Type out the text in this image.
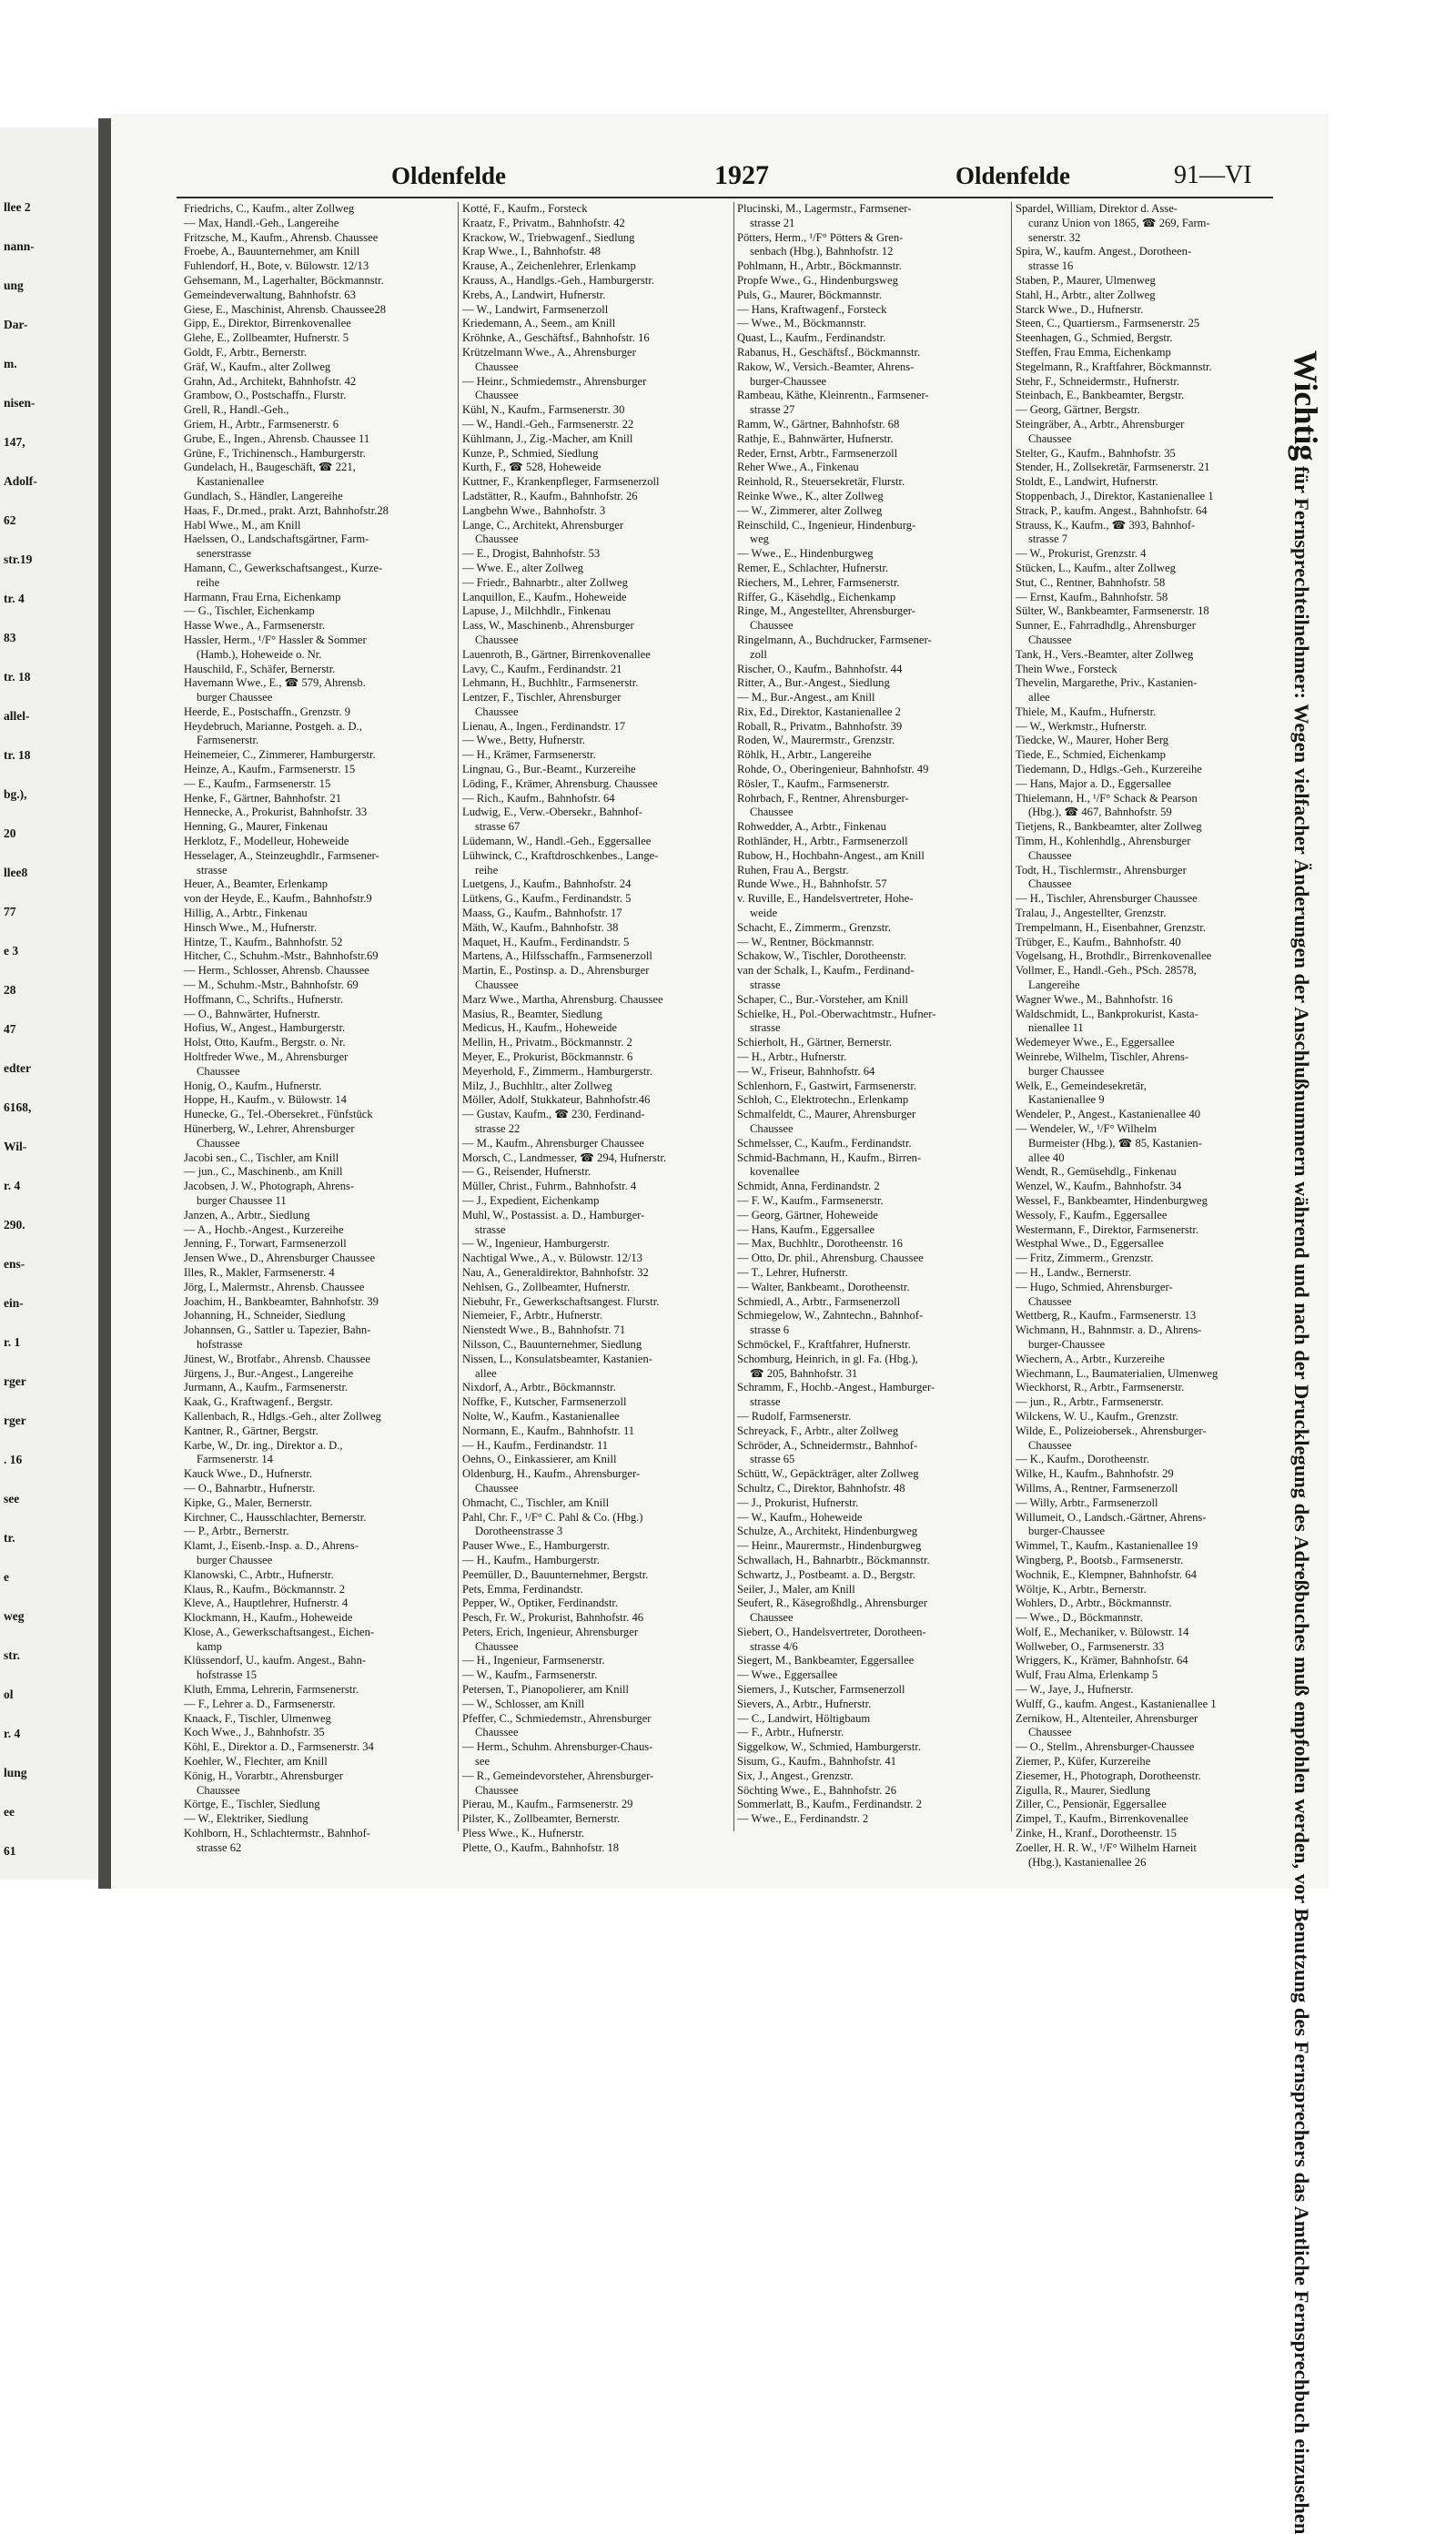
llee 2
nann-
ung
Dar-
m.
nisen-
147,
Adolf-
62
str.19
tr. 4
83
tr. 18
allel-
tr. 18
bg.),
20
llee8
77
e 3
28
47
edter
6168,
Wil-
r. 4
290.
ens-
ein-
r. 1
rger
rger
. 16
see
tr.
e
weg
str.
ol
r. 4
lung
ee
61
Oldenfelde	1927	Oldenfelde	91—VI

Friedrichs, C., Kaufm., alter Zollweg

— Max, Handl.-Geh., Langereihe

Fritzsche, M., Kaufm., Ahrensb. Chaussee

Froebe, A., Bauunternehmer, am Knill

Fuhlendorf, H., Bote, v. Bülowstr. 12/13

Gehsemann, M., Lagerhalter, Böckmannstr.

Gemeindeverwaltung, Bahnhofstr. 63

Giese, E., Maschinist, Ahrensb. Chaussee28

Gipp, E., Direktor, Birrenkovenallee

Glehe, E., Zollbeamter, Hufnerstr. 5

Goldt, F., Arbtr., Bernerstr.

Gräf, W., Kaufm., alter Zollweg

Grahn, Ad., Architekt, Bahnhofstr. 42

Grambow, O., Postschaffn., Flurstr.

Grell, R., Handl.-Geh.,

Griem, H., Arbtr., Farmsenerstr. 6

Grube, E., Ingen., Ahrensb. Chaussee 11

Grüne, F., Trichinensch., Hamburgerstr.

Gundelach, H., Baugeschäft, ☎ 221,

Kastanienallee

Gundlach, S., Händler, Langereihe

Haas, F., Dr.med., prakt. Arzt, Bahnhofstr.28

Habl Wwe., M., am Knill

Haelssen, O., Landschaftsgärtner, Farm-

senerstrasse

Hamann, C., Gewerkschaftsangest., Kurze-

reihe

Harmann, Frau Erna, Eichenkamp

— G., Tischler, Eichenkamp

Hasse Wwe., A., Farmsenerstr.

Hassler, Herm., ¹/F° Hassler & Sommer

(Hamb.), Hoheweide o. Nr.

Hauschild, F., Schäfer, Bernerstr.

Havemann Wwe., E., ☎ 579, Ahrensb.

burger Chaussee

Heerde, E., Postschaffn., Grenzstr. 9

Heydebruch, Marianne, Postgeh. a. D.,

Farmsenerstr.

Heinemeier, C., Zimmerer, Hamburgerstr.

Heinze, A., Kaufm., Farmsenerstr. 15

— E., Kaufm., Farmsenerstr. 15

Henke, F., Gärtner, Bahnhofstr. 21

Hennecke, A., Prokurist, Bahnhofstr. 33

Henning, G., Maurer, Finkenau

Herklotz, F., Modelleur, Hoheweide

Hesselager, A., Steinzeughdlr., Farmsener-

strasse

Heuer, A., Beamter, Erlenkamp

von der Heyde, E., Kaufm., Bahnhofstr.9

Hillig, A., Arbtr., Finkenau

Hinsch Wwe., M., Hufnerstr.

Hintze, T., Kaufm., Bahnhofstr. 52

Hitcher, C., Schuhm.-Mstr., Bahnhofstr.69

— Herm., Schlosser, Ahrensb. Chaussee

— M., Schuhm.-Mstr., Bahnhofstr. 69

Hoffmann, C., Schrifts., Hufnerstr.

— O., Bahnwärter, Hufnerstr.

Hofius, W., Angest., Hamburgerstr.

Holst, Otto, Kaufm., Bergstr. o. Nr.

Holtfreder Wwe., M., Ahrensburger

Chaussee

Honig, O., Kaufm., Hufnerstr.

Hoppe, H., Kaufm., v. Bülowstr. 14

Hunecke, G., Tel.-Obersekret., Fünfstück

Hünerberg, W., Lehrer, Ahrensburger

Chaussee

Jacobi sen., C., Tischler, am Knill

— jun., C., Maschinenb., am Knill

Jacobsen, J. W., Photograph, Ahrens-

burger Chaussee 11

Janzen, A., Arbtr., Siedlung

— A., Hochb.-Angest., Kurzereihe

Jenning, F., Torwart, Farmsenerzoll

Jensen Wwe., D., Ahrensburger Chaussee

Illes, R., Makler, Farmsenerstr. 4

Jörg, I., Malermstr., Ahrensb. Chaussee

Joachim, H., Bankbeamter, Bahnhofstr. 39

Johanning, H., Schneider, Siedlung

Johannsen, G., Sattler u. Tapezier, Bahn-

hofstrasse

Jünest, W., Brotfabr., Ahrensb. Chaussee

Jürgens, J., Bur.-Angest., Langereihe

Jurmann, A., Kaufm., Farmsenerstr.

Kaak, G., Kraftwagenf., Bergstr.

Kallenbach, R., Hdlgs.-Geh., alter Zollweg

Kantner, R., Gärtner, Bergstr.

Karbe, W., Dr. ing., Direktor a. D.,

Farmsenerstr. 14

Kauck Wwe., D., Hufnerstr.

— O., Bahnarbtr., Hufnerstr.

Kipke, G., Maler, Bernerstr.

Kirchner, C., Hausschlachter, Bernerstr.

— P., Arbtr., Bernerstr.

Klamt, J., Eisenb.-Insp. a. D., Ahrens-

burger Chaussee

Klanowski, C., Arbtr., Hufnerstr.

Klaus, R., Kaufm., Böckmannstr. 2

Kleve, A., Hauptlehrer, Hufnerstr. 4

Klockmann, H., Kaufm., Hoheweide

Klose, A., Gewerkschaftsangest., Eichen-

kamp

Klüssendorf, U., kaufm. Angest., Bahn-

hofstrasse 15

Kluth, Emma, Lehrerin, Farmsenerstr.

— F., Lehrer a. D., Farmsenerstr.

Knaack, F., Tischler, Ulmenweg

Koch Wwe., J., Bahnhofstr. 35

Köhl, E., Direktor a. D., Farmsenerstr. 34

Koehler, W., Flechter, am Knill

König, H., Vorarbtr., Ahrensburger

Chaussee

Körtge, E., Tischler, Siedlung

— W., Elektriker, Siedlung

Kohlborn, H., Schlachtermstr., Bahnhof-

strasse 62

Kotté, F., Kaufm., Forsteck

Kraatz, F., Privatm., Bahnhofstr. 42

Krackow, W., Triebwagenf., Siedlung

Krap Wwe., I., Bahnhofstr. 48

Krause, A., Zeichenlehrer, Erlenkamp

Krauss, A., Handlgs.-Geh., Hamburgerstr.

Krebs, A., Landwirt, Hufnerstr.

— W., Landwirt, Farmsenerzoll

Kriedemann, A., Seem., am Knill

Kröhnke, A., Geschäftsf., Bahnhofstr. 16

Krützelmann Wwe., A., Ahrensburger

Chaussee

— Heinr., Schmiedemstr., Ahrensburger

Chaussee

Kühl, N., Kaufm., Farmsenerstr. 30

— W., Handl.-Geh., Farmsenerstr. 22

Kühlmann, J., Zig.-Macher, am Knill

Kunze, P., Schmied, Siedlung

Kurth, F., ☎ 528, Hoheweide

Kuttner, F., Krankenpfleger, Farmsenerzoll

Ladstätter, R., Kaufm., Bahnhofstr. 26

Langbehn Wwe., Bahnhofstr. 3

Lange, C., Architekt, Ahrensburger

Chaussee

— E., Drogist, Bahnhofstr. 53

— Wwe. E., alter Zollweg

— Friedr., Bahnarbtr., alter Zollweg

Lanquillon, E., Kaufm., Hoheweide

Lapuse, J., Milchhdlr., Finkenau

Lass, W., Maschinenb., Ahrensburger

Chaussee

Lauenroth, B., Gärtner, Birrenkovenallee

Lavy, C., Kaufm., Ferdinandstr. 21

Lehmann, H., Buchhltr., Farmsenerstr.

Lentzer, F., Tischler, Ahrensburger

Chaussee

Lienau, A., Ingen., Ferdinandstr. 17

— Wwe., Betty, Hufnerstr.

— H., Krämer, Farmsenerstr.

Lingnau, G., Bur.-Beamt., Kurzereihe

Löding, F., Krämer, Ahrensburg. Chaussee

— Rich., Kaufm., Bahnhofstr. 64

Ludwig, E., Verw.-Obersekr., Bahnhof-

strasse 67

Lüdemann, W., Handl.-Geh., Eggersallee

Lühwinck, C., Kraftdroschkenbes., Lange-

reihe

Luetgens, J., Kaufm., Bahnhofstr. 24

Lütkens, G., Kaufm., Ferdinandstr. 5

Maass, G., Kaufm., Bahnhofstr. 17

Mäth, W., Kaufm., Bahnhofstr. 38

Maquet, H., Kaufm., Ferdinandstr. 5

Martens, A., Hilfsschaffn., Farmsenerzoll

Martin, E., Postinsp. a. D., Ahrensburger

Chaussee

Marz Wwe., Martha, Ahrensburg. Chaussee

Masius, R., Beamter, Siedlung

Medicus, H., Kaufm., Hoheweide

Mellin, H., Privatm., Böckmannstr. 2

Meyer, E., Prokurist, Böckmannstr. 6

Meyerhold, F., Zimmerm., Hamburgerstr.

Milz, J., Buchhltr., alter Zollweg

Möller, Adolf, Stukkateur, Bahnhofstr.46

— Gustav, Kaufm., ☎ 230, Ferdinand-

strasse 22

— M., Kaufm., Ahrensburger Chaussee

Morsch, C., Landmesser, ☎ 294, Hufnerstr.

— G., Reisender, Hufnerstr.

Müller, Christ., Fuhrm., Bahnhofstr. 4

— J., Expedient, Eichenkamp

Muhl, W., Postassist. a. D., Hamburger-

strasse

— W., Ingenieur, Hamburgerstr.

Nachtigal Wwe., A., v. Bülowstr. 12/13

Nau, A., Generaldirektor, Bahnhofstr. 32

Nehlsen, G., Zollbeamter, Hufnerstr.

Niebuhr, Fr., Gewerkschaftsangest. Flurstr.

Niemeier, F., Arbtr., Hufnerstr.

Nienstedt Wwe., B., Bahnhofstr. 71

Nilsson, C., Bauunternehmer, Siedlung

Nissen, L., Konsulatsbeamter, Kastanien-

allee

Nixdorf, A., Arbtr., Böckmannstr.

Noffke, F., Kutscher, Farmsenerzoll

Nolte, W., Kaufm., Kastanienallee

Normann, E., Kaufm., Bahnhofstr. 11

— H., Kaufm., Ferdinandstr. 11

Oehns, O., Einkassierer, am Knill

Oldenburg, H., Kaufm., Ahrensburger-

Chaussee

Ohmacht, C., Tischler, am Knill

Pahl, Chr. F., ¹/F° C. Pahl & Co. (Hbg.)

Dorotheenstrasse 3

Pauser Wwe., E., Hamburgerstr.

— H., Kaufm., Hamburgerstr.

Peemüller, D., Bauunternehmer, Bergstr.

Pets, Emma, Ferdinandstr.

Pepper, W., Optiker, Ferdinandstr.

Pesch, Fr. W., Prokurist, Bahnhofstr. 46

Peters, Erich, Ingenieur, Ahrensburger

Chaussee

— H., Ingenieur, Farmsenerstr.

— W., Kaufm., Farmsenerstr.

Petersen, T., Pianopolierer, am Knill

— W., Schlosser, am Knill

Pfeffer, C., Schmiedemstr., Ahrensburger

Chaussee

— Herm., Schuhm. Ahrensburger-Chaus-

see

— R., Gemeindevorsteher, Ahrensburger-

Chaussee

Pierau, M., Kaufm., Farmsenerstr. 29

Pilster, K., Zollbeamter, Bernerstr.

Pless Wwe., K., Hufnerstr.

Plette, O., Kaufm., Bahnhofstr. 18

Plucinski, M., Lagermstr., Farmsener-

strasse 21

Pötters, Herm., ¹/F° Pötters & Gren-

senbach (Hbg.), Bahnhofstr. 12

Pohlmann, H., Arbtr., Böckmannstr.

Propfe Wwe., G., Hindenburgsweg

Puls, G., Maurer, Böckmannstr.

— Hans, Kraftwagenf., Forsteck

— Wwe., M., Böckmannstr.

Quast, L., Kaufm., Ferdinandstr.

Rabanus, H., Geschäftsf., Böckmannstr.

Rakow, W., Versich.-Beamter, Ahrens-

burger-Chaussee

Rambeau, Käthe, Kleinrentn., Farmsener-

strasse 27

Ramm, W., Gärtner, Bahnhofstr. 68

Rathje, E., Bahnwärter, Hufnerstr.

Reder, Ernst, Arbtr., Farmsenerzoll

Reher Wwe., A., Finkenau

Reinhold, R., Steuersekretär, Flurstr.

Reinke Wwe., K., alter Zollweg

— W., Zimmerer, alter Zollweg

Reinschild, C., Ingenieur, Hindenburg-

weg

— Wwe., E., Hindenburgweg

Remer, E., Schlachter, Hufnerstr.

Riechers, M., Lehrer, Farmsenerstr.

Riffer, G., Käsehdlg., Eichenkamp

Ringe, M., Angestellter, Ahrensburger-

Chaussee

Ringelmann, A., Buchdrucker, Farmsener-

zoll

Rischer, O., Kaufm., Bahnhofstr. 44

Ritter, A., Bur.-Angest., Siedlung

— M., Bur.-Angest., am Knill

Rix, Ed., Direktor, Kastanienallee 2

Roball, R., Privatm., Bahnhofstr. 39

Roden, W., Maurermstr., Grenzstr.

Röhlk, H., Arbtr., Langereihe

Rohde, O., Oberingenieur, Bahnhofstr. 49

Rösler, T., Kaufm., Farmsenerstr.

Rohrbach, F., Rentner, Ahrensburger-

Chaussee

Rohwedder, A., Arbtr., Finkenau

Rothländer, H., Arbtr., Farmsenerzoll

Rubow, H., Hochbahn-Angest., am Knill

Ruhen, Frau A., Bergstr.

Runde Wwe., H., Bahnhofstr. 57

v. Ruville, E., Handelsvertreter, Hohe-

weide

Schacht, E., Zimmerm., Grenzstr.

— W., Rentner, Böckmannstr.

Schakow, W., Tischler, Dorotheenstr.

van der Schalk, I., Kaufm., Ferdinand-

strasse

Schaper, C., Bur.-Vorsteher, am Knill

Schielke, H., Pol.-Oberwachtmstr., Hufner-

strasse

Schierholt, H., Gärtner, Bernerstr.

— H., Arbtr., Hufnerstr.

— W., Friseur, Bahnhofstr. 64

Schlenhorn, F., Gastwirt, Farmsenerstr.

Schloh, C., Elektrotechn., Erlenkamp

Schmalfeldt, C., Maurer, Ahrensburger

Chaussee

Schmelsser, C., Kaufm., Ferdinandstr.

Schmid-Bachmann, H., Kaufm., Birren-

kovenallee

Schmidt, Anna, Ferdinandstr. 2

— F. W., Kaufm., Farmsenerstr.

— Georg, Gärtner, Hoheweide

— Hans, Kaufm., Eggersallee

— Max, Buchhltr., Dorotheenstr. 16

— Otto, Dr. phil., Ahrensburg. Chaussee

— T., Lehrer, Hufnerstr.

— Walter, Bankbeamt., Dorotheenstr.

Schmiedl, A., Arbtr., Farmsenerzoll

Schmiegelow, W., Zahntechn., Bahnhof-

strasse 6

Schmöckel, F., Kraftfahrer, Hufnerstr.

Schomburg, Heinrich, in gl. Fa. (Hbg.),

☎ 205, Bahnhofstr. 31

Schramm, F., Hochb.-Angest., Hamburger-

strasse

— Rudolf, Farmsenerstr.

Schreyack, F., Arbtr., alter Zollweg

Schröder, A., Schneidermstr., Bahnhof-

strasse 65

Schütt, W., Gepäckträger, alter Zollweg

Schultz, C., Direktor, Bahnhofstr. 48

— J., Prokurist, Hufnerstr.

— W., Kaufm., Hoheweide

Schulze, A., Architekt, Hindenburgweg

— Heinr., Maurermstr., Hindenburgweg

Schwallach, H., Bahnarbtr., Böckmannstr.

Schwartz, J., Postbeamt. a. D., Bergstr.

Seiler, J., Maler, am Knill

Seufert, R., Käsegroßhdlg., Ahrensburger

Chaussee

Siebert, O., Handelsvertreter, Dorotheen-

strasse 4/6

Siegert, M., Bankbeamter, Eggersallee

— Wwe., Eggersallee

Siemers, J., Kutscher, Farmsenerzoll

Sievers, A., Arbtr., Hufnerstr.

— C., Landwirt, Höltigbaum

— F., Arbtr., Hufnerstr.

Siggelkow, W., Schmied, Hamburgerstr.

Sisum, G., Kaufm., Bahnhofstr. 41

Six, J., Angest., Grenzstr.

Söchting Wwe., E., Bahnhofstr. 26

Sommerlatt, B., Kaufm., Ferdinandstr. 2

— Wwe., E., Ferdinandstr. 2

Spardel, William, Direktor d. Asse-

curanz Union von 1865, ☎ 269, Farm-

senerstr. 32

Spira, W., kaufm. Angest., Dorotheen-

strasse 16

Staben, P., Maurer, Ulmenweg

Stahl, H., Arbtr., alter Zollweg

Starck Wwe., D., Hufnerstr.

Steen, C., Quartiersm., Farmsenerstr. 25

Steenhagen, G., Schmied, Bergstr.

Steffen, Frau Emma, Eichenkamp

Stegelmann, R., Kraftfahrer, Böckmannstr.

Stehr, F., Schneidermstr., Hufnerstr.

Steinbach, E., Bankbeamter, Bergstr.

— Georg, Gärtner, Bergstr.

Steingräber, A., Arbtr., Ahrensburger

Chaussee

Stelter, G., Kaufm., Bahnhofstr. 35

Stender, H., Zollsekretär, Farmsenerstr. 21

Stoldt, E., Landwirt, Hufnerstr.

Stoppenbach, J., Direktor, Kastanienallee 1

Strack, P., kaufm. Angest., Bahnhofstr. 64

Strauss, K., Kaufm., ☎ 393, Bahnhof-

strasse 7

— W., Prokurist, Grenzstr. 4

Stücken, L., Kaufm., alter Zollweg

Stut, C., Rentner, Bahnhofstr. 58

— Ernst, Kaufm., Bahnhofstr. 58

Sülter, W., Bankbeamter, Farmsenerstr. 18

Sunner, E., Fahrradhdlg., Ahrensburger

Chaussee

Tank, H., Vers.-Beamter, alter Zollweg

Thein Wwe., Forsteck

Thevelin, Margarethe, Priv., Kastanien-

allee

Thiele, M., Kaufm., Hufnerstr.

— W., Werkmstr., Hufnerstr.

Tiedcke, W., Maurer, Hoher Berg

Tiede, E., Schmied, Eichenkamp

Tiedemann, D., Hdlgs.-Geh., Kurzereihe

— Hans, Major a. D., Eggersallee

Thielemann, H., ¹/F° Schack & Pearson

(Hbg.), ☎ 467, Bahnhofstr. 59

Tietjens, R., Bankbeamter, alter Zollweg

Timm, H., Kohlenhdlg., Ahrensburger

Chaussee

Todt, H., Tischlermstr., Ahrensburger

Chaussee

— H., Tischler, Ahrensburger Chaussee

Tralau, J., Angestellter, Grenzstr.

Trempelmann, H., Eisenbahner, Grenzstr.

Trübger, E., Kaufm., Bahnhofstr. 40

Vogelsang, H., Brothdlr., Birrenkovenallee

Vollmer, E., Handl.-Geh., PSch. 28578,

Langereihe

Wagner Wwe., M., Bahnhofstr. 16

Waldschmidt, L., Bankprokurist, Kasta-

nienallee 11

Wedemeyer Wwe., E., Eggersallee

Weinrebe, Wilhelm, Tischler, Ahrens-

burger Chaussee

Welk, E., Gemeindesekretär,

Kastanienallee 9

Wendeler, P., Angest., Kastanienallee 40

— Wendeler, W., ¹/F° Wilhelm

Burmeister (Hbg.), ☎ 85, Kastanien-

allee 40

Wendt, R., Gemüsehdlg., Finkenau

Wenzel, W., Kaufm., Bahnhofstr. 34

Wessel, F., Bankbeamter, Hindenburgweg

Wessoly, F., Kaufm., Eggersallee

Westermann, F., Direktor, Farmsenerstr.

Westphal Wwe., D., Eggersallee

— Fritz, Zimmerm., Grenzstr.

— H., Landw., Bernerstr.

— Hugo, Schmied, Ahrensburger-

Chaussee

Wettberg, R., Kaufm., Farmsenerstr. 13

Wichmann, H., Bahnmstr. a. D., Ahrens-

burger-Chaussee

Wiechern, A., Arbtr., Kurzereihe

Wiechmann, L., Baumaterialien, Ulmenweg

Wieckhorst, R., Arbtr., Farmsenerstr.

— jun., R., Arbtr., Farmsenerstr.

Wilckens, W. U., Kaufm., Grenzstr.

Wilde, E., Polizeiobersek., Ahrensburger-

Chaussee

— K., Kaufm., Dorotheenstr.

Wilke, H., Kaufm., Bahnhofstr. 29

Willms, A., Rentner, Farmsenerzoll

— Willy, Arbtr., Farmsenerzoll

Willumeit, O., Landsch.-Gärtner, Ahrens-

burger-Chaussee

Wimmel, T., Kaufm., Kastanienallee 19

Wingberg, P., Bootsb., Farmsenerstr.

Wochnik, E., Klempner, Bahnhofstr. 64

Wöltje, K., Arbtr., Bernerstr.

Wohlers, D., Arbtr., Böckmannstr.

— Wwe., D., Böckmannstr.

Wolf, E., Mechaniker, v. Bülowstr. 14

Wollweber, O., Farmsenerstr. 33

Wriggers, K., Krämer, Bahnhofstr. 64

Wulf, Frau Alma, Erlenkamp 5

— W., Jaye, J., Hufnerstr.

Wulff, G., kaufm. Angest., Kastanienallee 1

Zernikow, H., Altenteiler, Ahrensburger

Chaussee

— O., Stellm., Ahrensburger-Chaussee

Ziemer, P., Küfer, Kurzereihe

Ziesemer, H., Photograph, Dorotheenstr.

Zigulla, R., Maurer, Siedlung

Ziller, C., Pensionär, Eggersallee

Zimpel, T., Kaufm., Birrenkovenallee

Zinke, H., Kranf., Dorotheenstr. 15

Zoeller, H. R. W., ¹/F° Wilhelm Harneit

(Hbg.), Kastanienallee 26

Wichtig für Fernsprechteilnehmer: Wegen vielfacher Änderungen der Anschlußnummern während und nach der Drucklegung des Adreßbuches muß empfohlen werden, vor Benutzung des Fernsprechers das Amtliche Fernsprechbuch einzusehen
